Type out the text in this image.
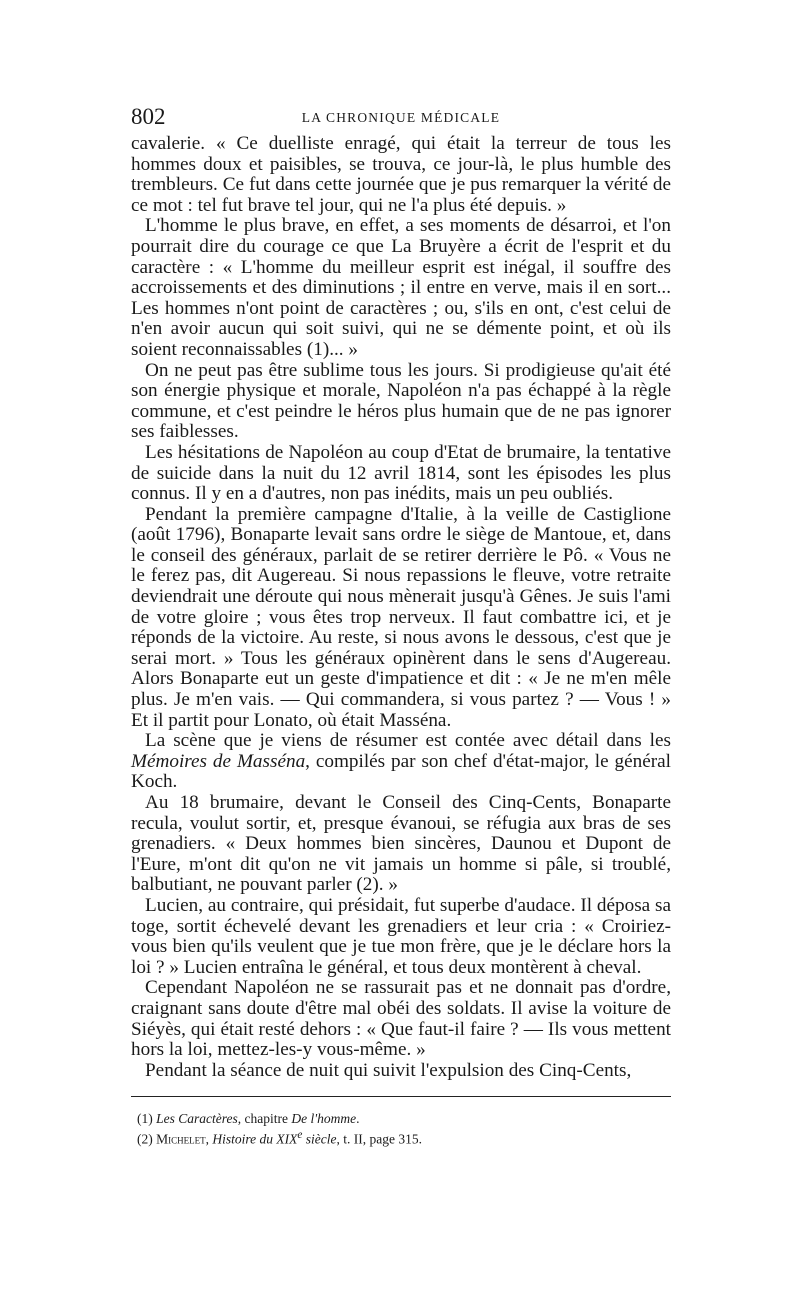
802	LA CHRONIQUE MÉDICALE

cavalerie. « Ce duelliste enragé, qui était la terreur de tous les hommes doux et paisibles, se trouva, ce jour-là, le plus humble des trembleurs. Ce fut dans cette journée que je pus remarquer la vérité de ce mot : tel fut brave tel jour, qui ne l'a plus été depuis. »

L'homme le plus brave, en effet, a ses moments de désarroi, et l'on pourrait dire du courage ce que La Bruyère a écrit de l'esprit et du caractère : « L'homme du meilleur esprit est inégal, il souffre des accroissements et des diminutions ; il entre en verve, mais il en sort... Les hommes n'ont point de caractères ; ou, s'ils en ont, c'est celui de n'en avoir aucun qui soit suivi, qui ne se démente point, et où ils soient reconnaissables (1)... »

On ne peut pas être sublime tous les jours. Si prodigieuse qu'ait été son énergie physique et morale, Napoléon n'a pas échappé à la règle commune, et c'est peindre le héros plus humain que de ne pas ignorer ses faiblesses.

Les hésitations de Napoléon au coup d'Etat de brumaire, la tentative de suicide dans la nuit du 12 avril 1814, sont les épisodes les plus connus. Il y en a d'autres, non pas inédits, mais un peu oubliés.

Pendant la première campagne d'Italie, à la veille de Castiglione (août 1796), Bonaparte levait sans ordre le siège de Mantoue, et, dans le conseil des généraux, parlait de se retirer derrière le Pô. « Vous ne le ferez pas, dit Augereau. Si nous repassions le fleuve, votre retraite deviendrait une déroute qui nous mènerait jusqu'à Gênes. Je suis l'ami de votre gloire ; vous êtes trop nerveux. Il faut combattre ici, et je réponds de la victoire. Au reste, si nous avons le dessous, c'est que je serai mort. » Tous les généraux opinèrent dans le sens d'Augereau. Alors Bonaparte eut un geste d'impatience et dit : « Je ne m'en mêle plus. Je m'en vais. — Qui commandera, si vous partez ? — Vous ! » Et il partit pour Lonato, où était Masséna.

La scène que je viens de résumer est contée avec détail dans les Mémoires de Masséna, compilés par son chef d'état-major, le général Koch.

Au 18 brumaire, devant le Conseil des Cinq-Cents, Bonaparte recula, voulut sortir, et, presque évanoui, se réfugia aux bras de ses grenadiers. « Deux hommes bien sincères, Daunou et Dupont de l'Eure, m'ont dit qu'on ne vit jamais un homme si pâle, si troublé, balbutiant, ne pouvant parler (2). »

Lucien, au contraire, qui présidait, fut superbe d'audace. Il déposa sa toge, sortit échevelé devant les grenadiers et leur cria : « Croiriez-vous bien qu'ils veulent que je tue mon frère, que je le déclare hors la loi ? » Lucien entraîna le général, et tous deux montèrent à cheval.

Cependant Napoléon ne se rassurait pas et ne donnait pas d'ordre, craignant sans doute d'être mal obéi des soldats. Il avise la voiture de Siéyès, qui était resté dehors : « Que faut-il faire ? — Ils vous mettent hors la loi, mettez-les-y vous-même. »

Pendant la séance de nuit qui suivit l'expulsion des Cinq-Cents,

(1) Les Caractères, chapitre De l'homme.

(2) Michelet, Histoire du XIXe siècle, t. II, page 315.
